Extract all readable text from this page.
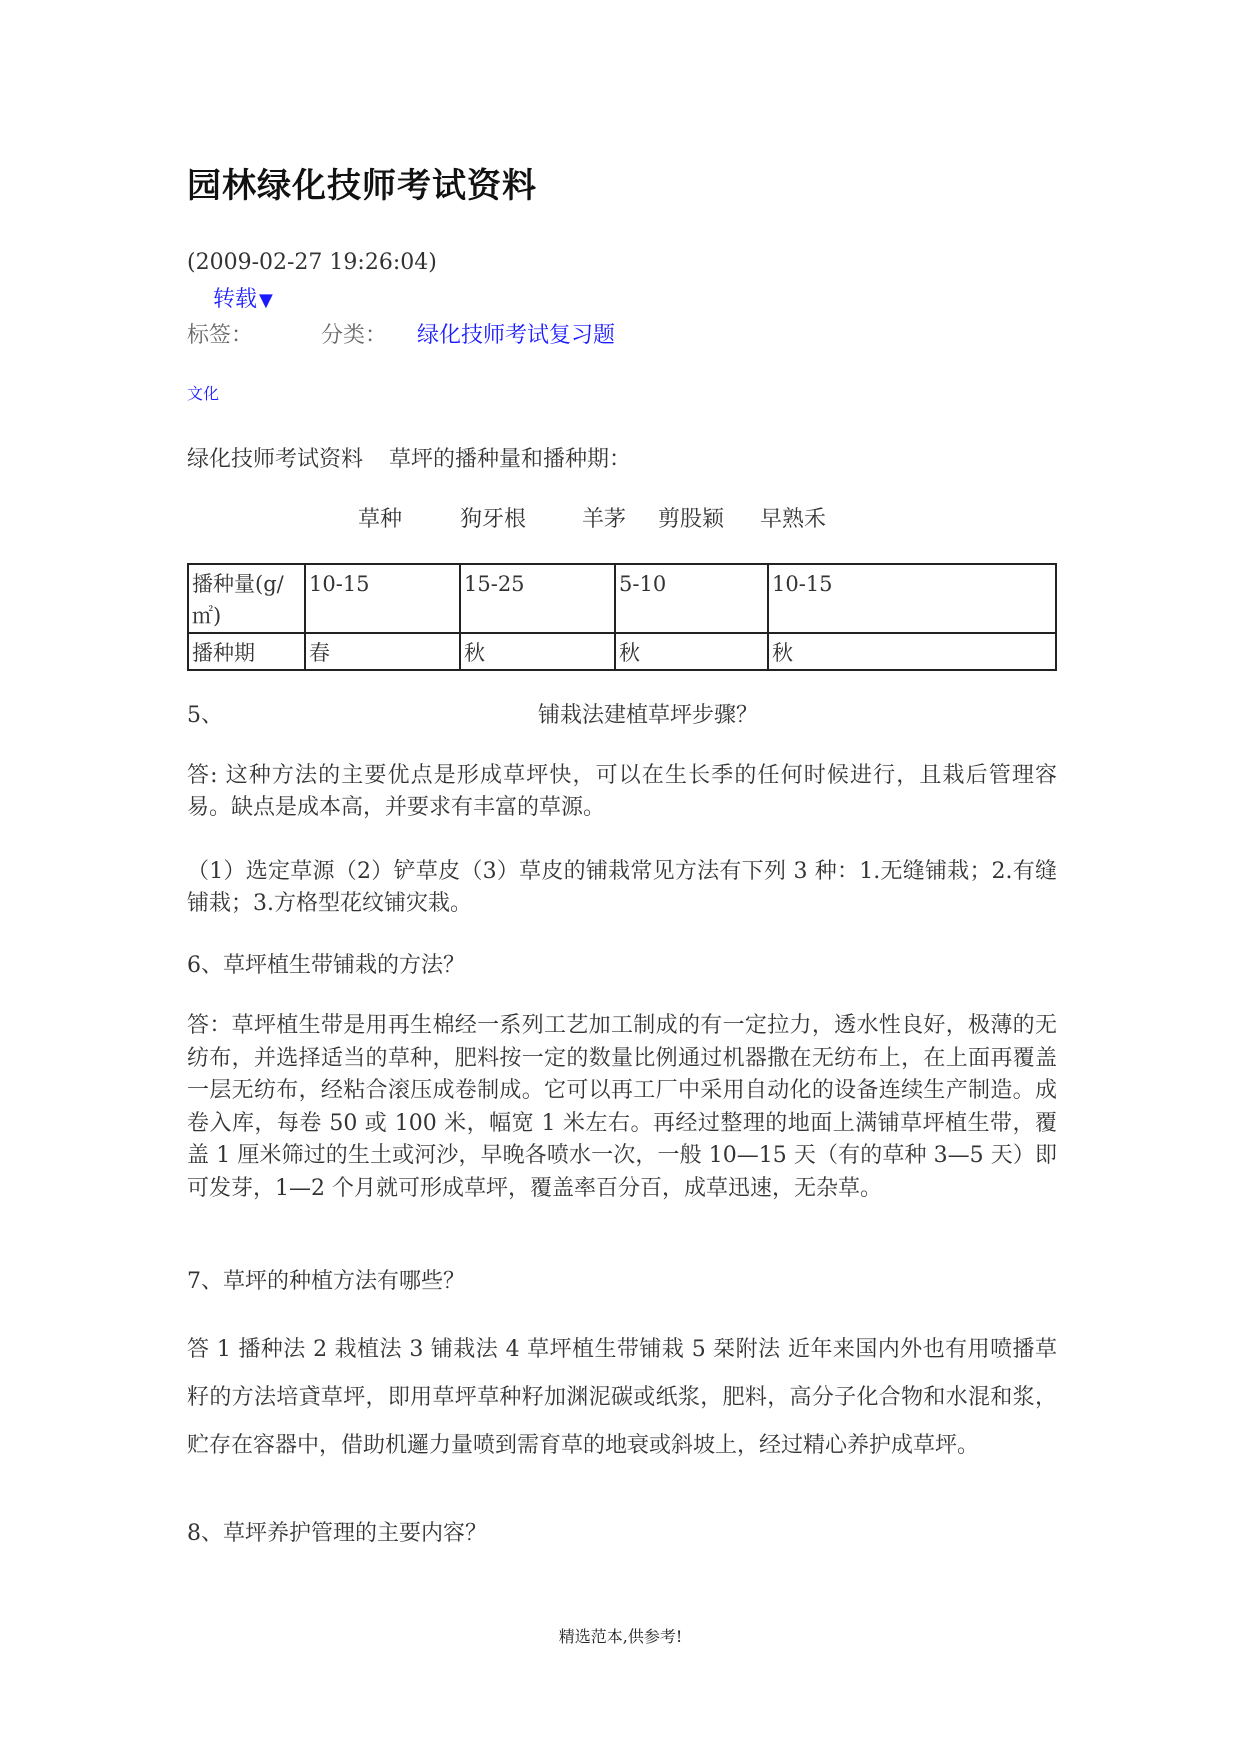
园林绿化技师考试资料
(2009-02-27 19:26:04)
转载 ▼
标签：	分类： 绿化技师考试复习题
文化
绿化技师考试资料 草坪的播种量和播种期：
草种	狗牙根	羊茅 剪股颖 早熟禾
播种量(g/㎡)	10-15	15-25	5-10	10-15
播种期	春	秋	秋	秋
5、	铺栽法建植草坪步骤？

答: 这种方法的主要优点是形成草坪快，可以在生长季的任何时候进行，且栽后管理容易。缺点是成本高，并要求有丰富的草源。

（1）选定草源（2）铲草皮（3）草皮的铺栽常见方法有下列 3 种：1.无缝铺栽；2.有缝铺栽；3.方格型花纹铺灾栽。

6、草坪植生带铺栽的方法？

答：草坪植生带是用再生棉经一系列工艺加工制成的有一定拉力，透水性良好，极薄的无纺布，并选择适当的草种，肥料按一定的数量比例通过机器撒在无纺布上，在上面再覆盖一层无纺布，经粘合滚压成卷制成。它可以再工厂中采用自动化的设备连续生产制造。成卷入库，每卷 50 或 100 米，幅宽 1 米左右。再经过整理的地面上满铺草坪植生带，覆盖 1 厘米筛过的生土或河沙，早晚各喷水一次，一般 10—15 天（有的草种 3—5 天）即可发芽，1—2 个月就可形成草坪，覆盖率百分百，成草迅速，无杂草。

7、草坪的种植方法有哪些？

答 1 播种法 2 栽植法 3 铺栽法 4 草坪植生带铺栽 5 栞附法 近年来国内外也有用喷播草籽的方法培貣草坪，即用草坪草种籽加渊泥碳或纸浆，肥料，高分子化合物和水混和浆，贮存在容器中，借助机邏力量喷到需育草的地衰或斜坡上，经过精心养护成草坪。

8、草坪养护管理的主要内容？

精选范本,供参考!
